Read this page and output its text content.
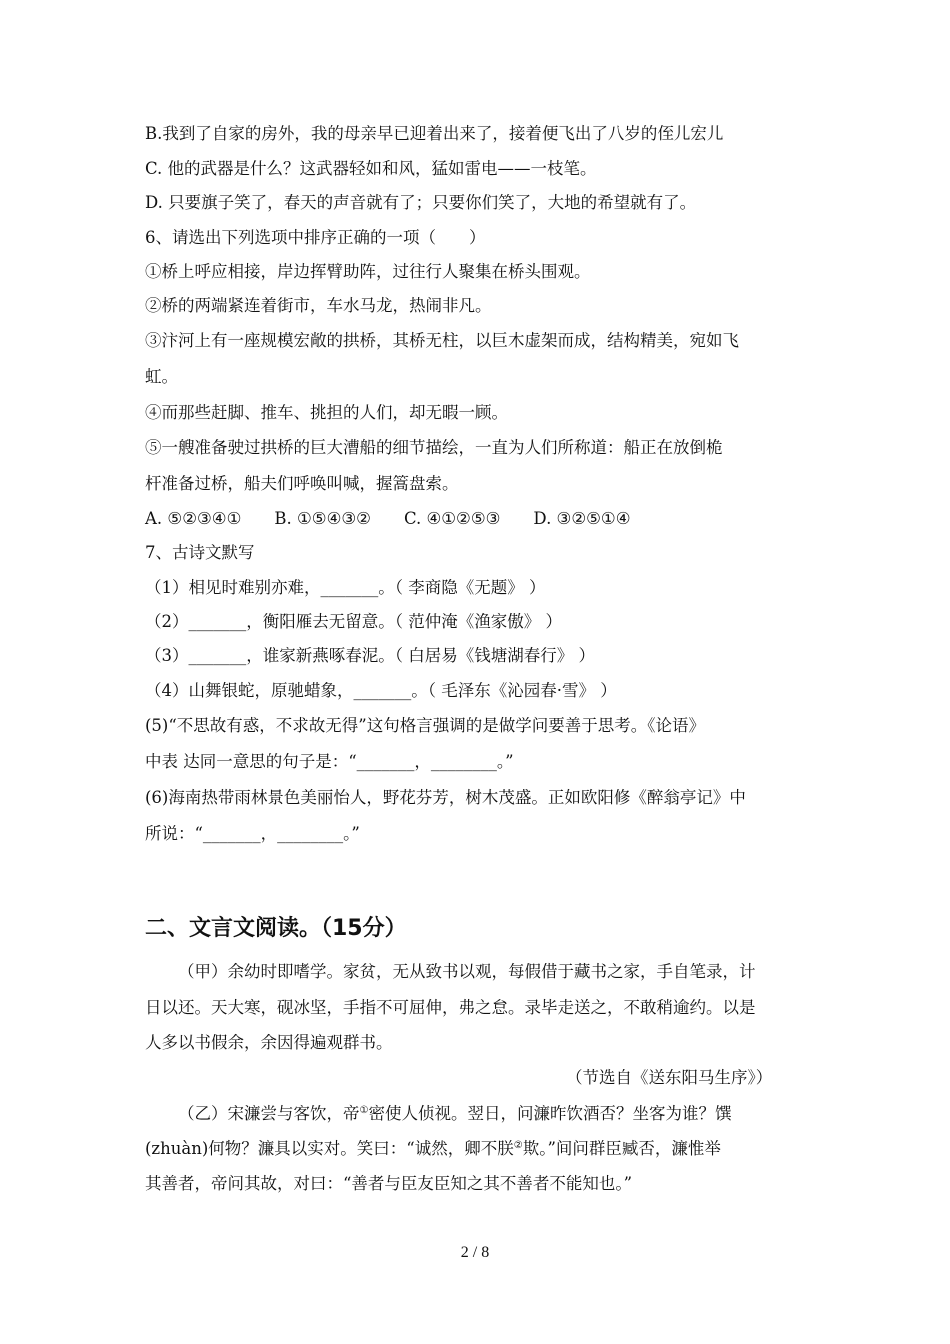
B.我到了自家的房外，我的母亲早已迎着出来了，接着便飞出了八岁的侄儿宏儿
C. 他的武器是什么？这武器轻如和风，猛如雷电——一枝笔。
D. 只要旗子笑了，春天的声音就有了；只要你们笑了，大地的希望就有了。
6、请选出下列选项中排序正确的一项（　　）
①桥上呼应相接，岸边挥臂助阵，过往行人聚集在桥头围观。
②桥的两端紧连着街市，车水马龙，热闹非凡。
③汴河上有一座规模宏敞的拱桥，其桥无柱，以巨木虚架而成，结构精美，宛如飞
虹。
④而那些赶脚、推车、挑担的人们，却无暇一顾。
⑤一艘准备驶过拱桥的巨大漕船的细节描绘，一直为人们所称道：船正在放倒桅
杆准备过桥，船夫们呼唤叫喊，握篙盘索。
A. ⑤②③④①　　B. ①⑤④③②　　C. ④①②⑤③　　D. ③②⑤①④
7、古诗文默写
（1）相见时难别亦难，_______。（ 李商隐《无题》 ）
（2）_______，衡阳雁去无留意。（ 范仲淹《渔家傲》 ）
（3）_______，谁家新燕啄春泥。（ 白居易《钱塘湖春行》 ）
（4）山舞银蛇，原驰蜡象，_______。（ 毛泽东《沁园春·雪》 ）
(5)“不思故有惑，不求故无得”这句格言强调的是做学问要善于思考。《论语》
中表 达同一意思的句子是：“_______，________。”
(6)海南热带雨林景色美丽怡人，野花芬芳，树木茂盛。正如欧阳修《醉翁亭记》中
所说：“_______，________。”
二、文言文阅读。（15分）
（甲）余幼时即嗜学。家贫，无从致书以观，每假借于藏书之家，手自笔录，计
日以还。天大寒，砚冰坚，手指不可屈伸，弗之怠。录毕走送之，不敢稍逾约。以是
人多以书假余，余因得遍观群书。
（节选自《送东阳马生序》）
（乙）宋濂尝与客饮，帝①密使人侦视。翌日，问濂昨饮酒否？坐客为谁？馔
(zhuàn)何物？濂具以实对。笑曰：“诚然，卿不朕②欺。”间问群臣臧否，濂惟举
其善者，帝问其故，对曰：“善者与臣友臣知之其不善者不能知也。”
2 / 8
